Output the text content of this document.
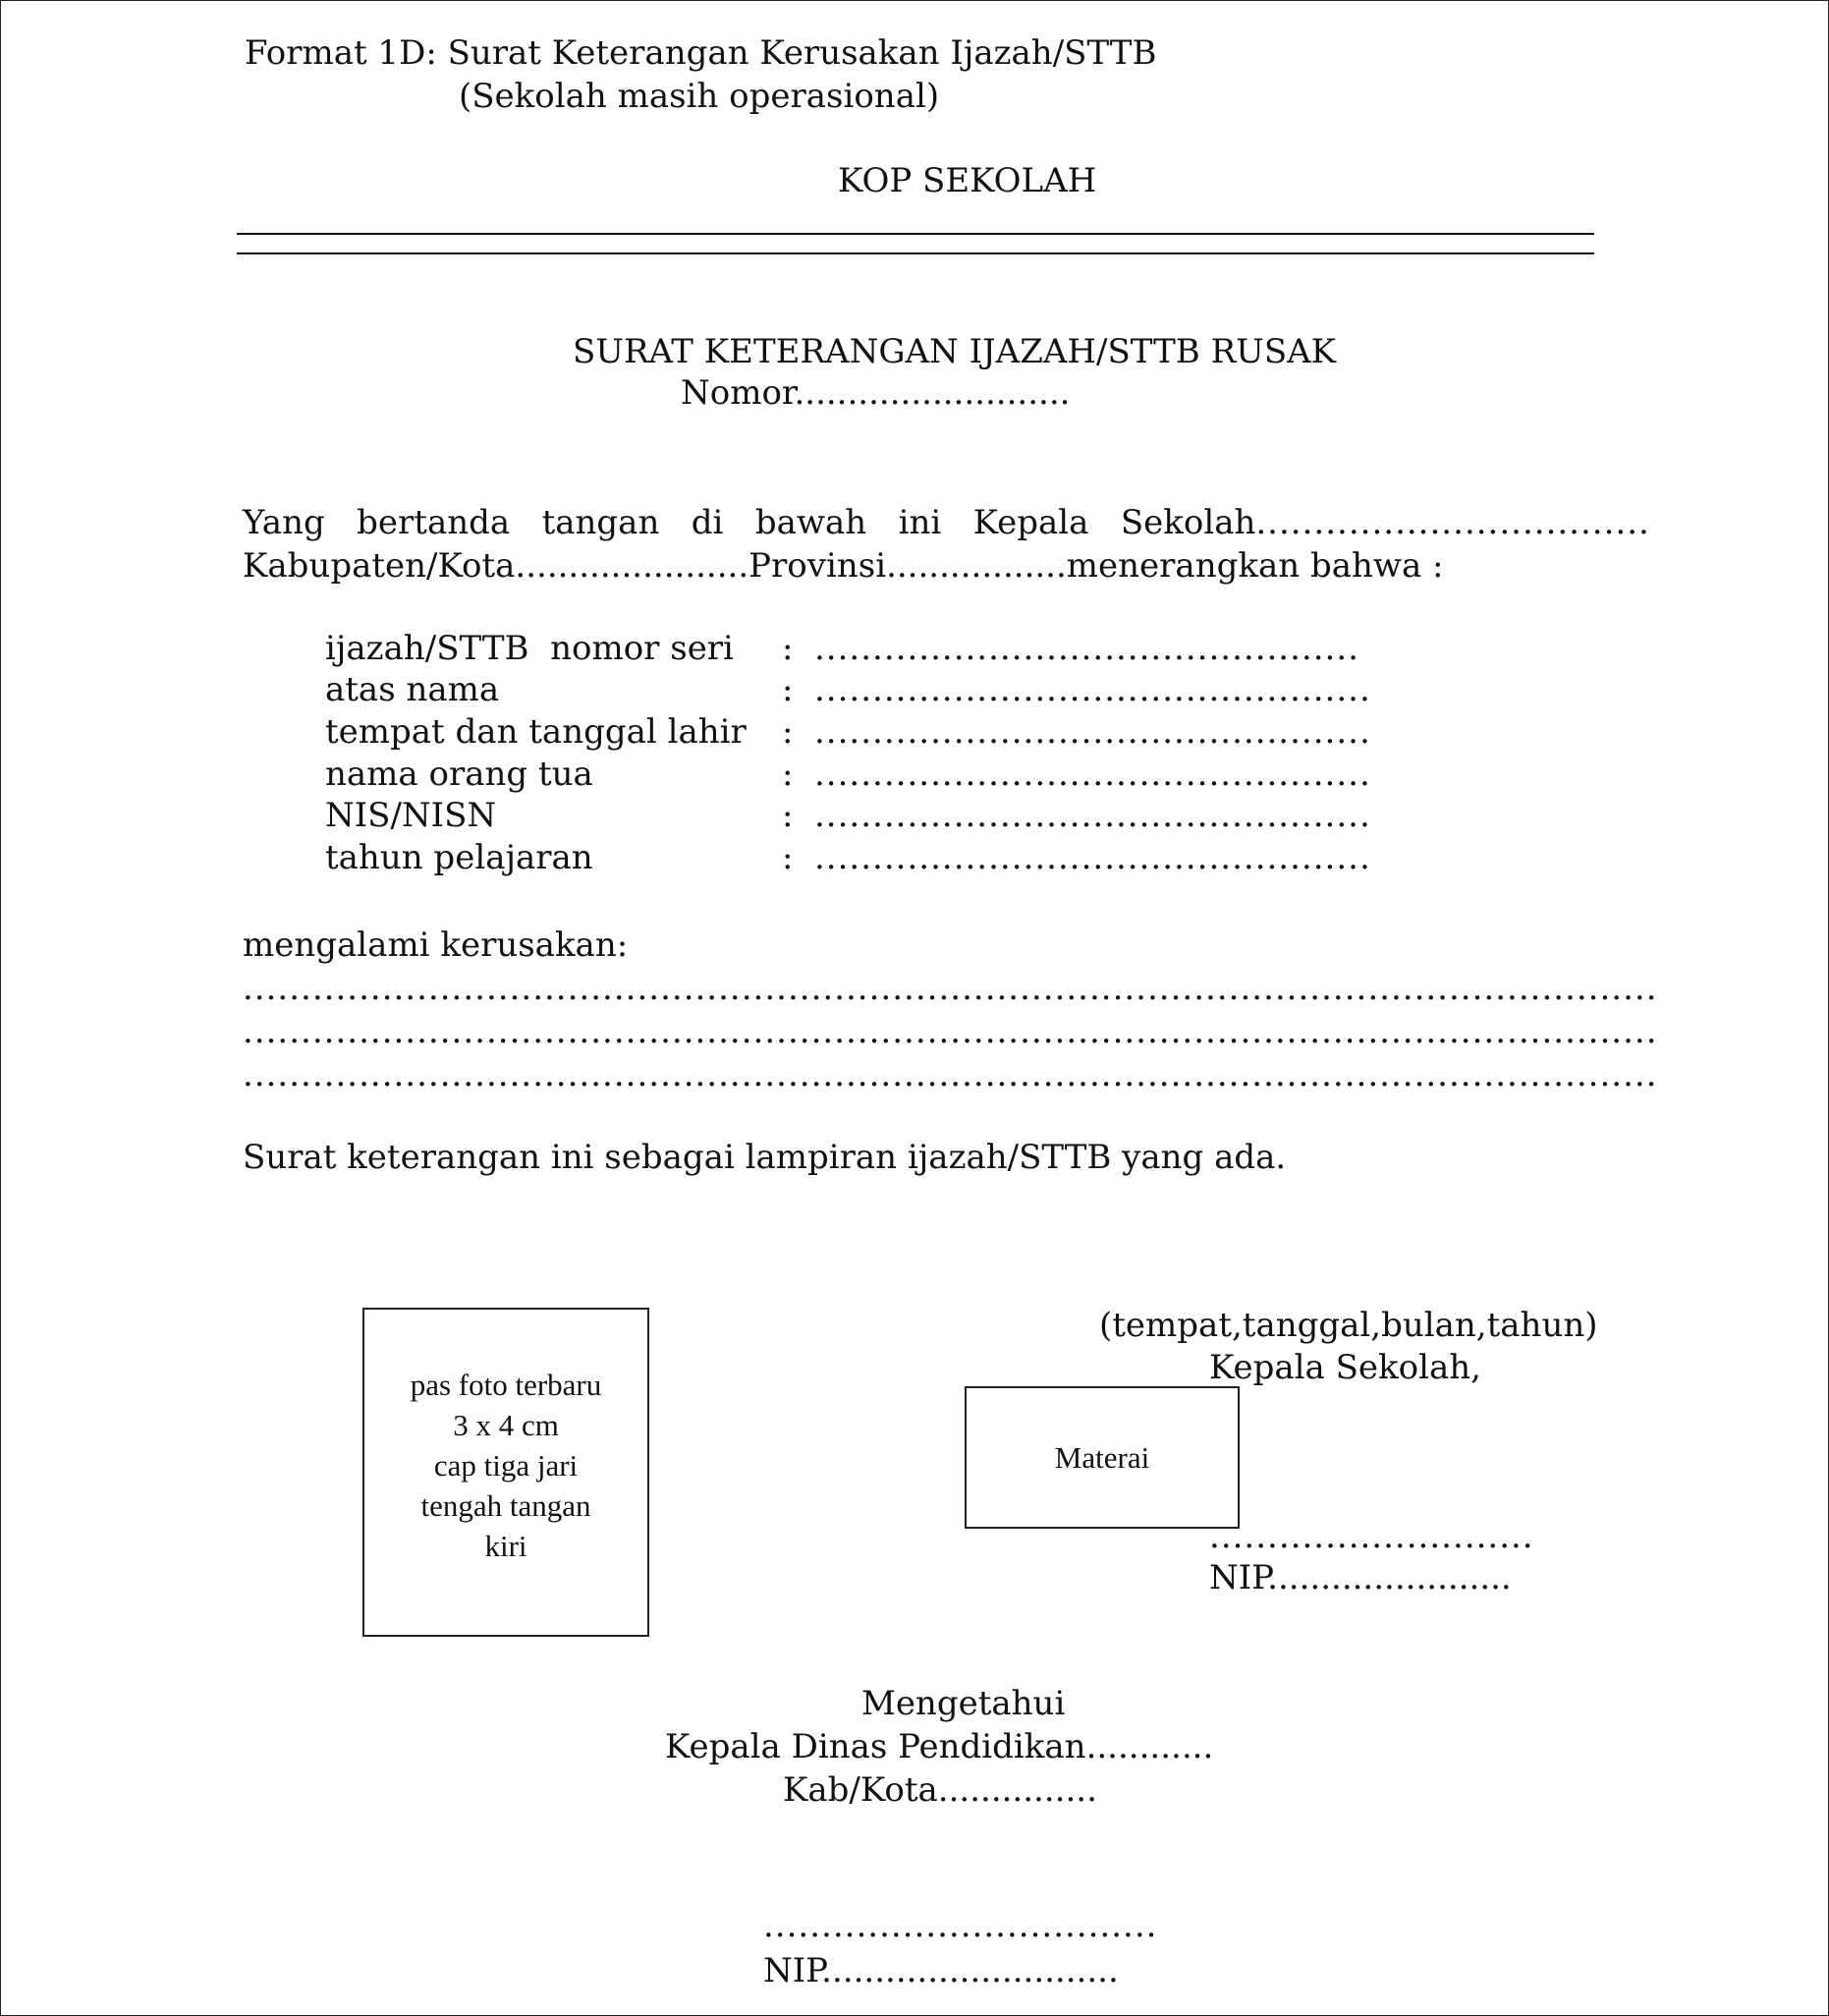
Format 1D: Surat Keterangan Kerusakan Ijazah/STTB
(Sekolah masih operasional)
KOP SEKOLAH
SURAT KETERANGAN IJAZAH/STTB RUSAK
Nomor..........................
Yang   bertanda   tangan   di   bawah   ini   Kepala   Sekolah..................................
Kabupaten/Kota......................Provinsi.................menerangkan bahwa :
ijazah/STTB  nomor seri : ...............................................
atas nama	: ................................................
tempat dan tanggal lahir : ................................................
nama orang tua	: ................................................
NIS/NISN	: ................................................
tahun pelajaran	: ................................................
mengalami kerusakan:
..........................................................................................................................
..........................................................................................................................
..........................................................................................................................
Surat keterangan ini sebagai lampiran ijazah/STTB yang ada.
pas foto terbaru
3 x 4 cm
cap tiga jari
tengah tangan
kiri
(tempat,tanggal,bulan,tahun)
Kepala Sekolah,
Materai
............................
NIP.......................
Mengetahui
Kepala Dinas Pendidikan............
Kab/Kota...............
..................................
NIP............................
